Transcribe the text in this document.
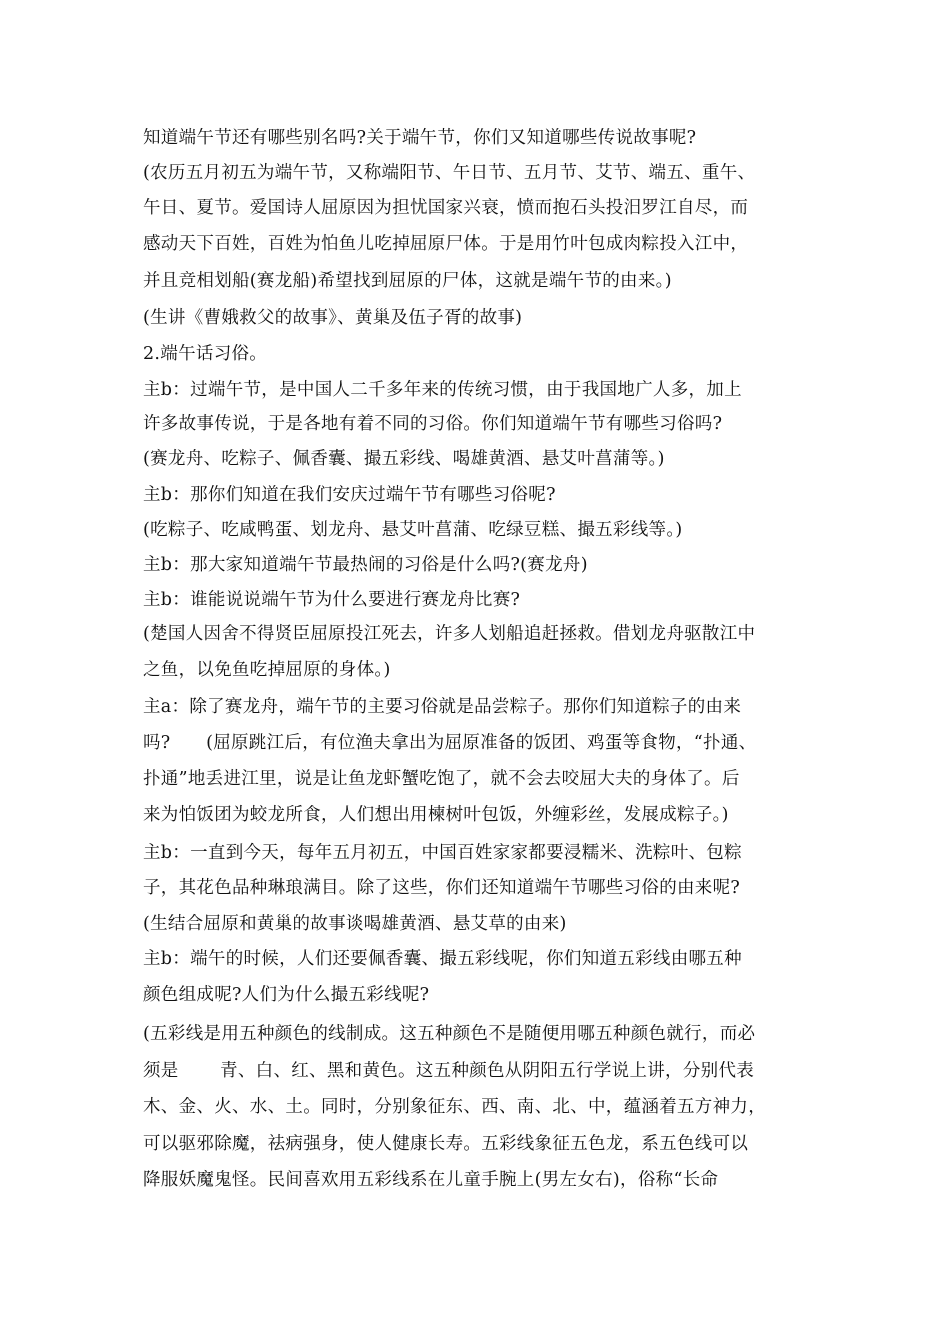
知道端午节还有哪些别名吗?关于端午节，你们又知道哪些传说故事呢?
(农历五月初五为端午节，又称端阳节、午日节、五月节、艾节、端五、重午、
午日、夏节。爱国诗人屈原因为担忧国家兴衰，愤而抱石头投汨罗江自尽，而
感动天下百姓，百姓为怕鱼儿吃掉屈原尸体。于是用竹叶包成肉粽投入江中，
并且竞相划船(赛龙船)希望找到屈原的尸体，这就是端午节的由来。)
(生讲《曹娥救父的故事》、黄巢及伍子胥的故事)
2.端午话习俗。
主b：过端午节，是中国人二千多年来的传统习惯，由于我国地广人多，加上
许多故事传说，于是各地有着不同的习俗。你们知道端午节有哪些习俗吗?
(赛龙舟、吃粽子、佩香囊、撮五彩线、喝雄黄酒、悬艾叶菖蒲等。)
主b：那你们知道在我们安庆过端午节有哪些习俗呢?
(吃粽子、吃咸鸭蛋、划龙舟、悬艾叶菖蒲、吃绿豆糕、撮五彩线等。)
主b：那大家知道端午节最热闹的习俗是什么吗?(赛龙舟)
主b：谁能说说端午节为什么要进行赛龙舟比赛?
(楚国人因舍不得贤臣屈原投江死去，许多人划船追赶拯救。借划龙舟驱散江中
之鱼，以免鱼吃掉屈原的身体。)
主a：除了赛龙舟，端午节的主要习俗就是品尝粽子。那你们知道粽子的由来
吗?　　(屈原跳江后，有位渔夫拿出为屈原准备的饭团、鸡蛋等食物，“扑通、
扑通”地丢进江里，说是让鱼龙虾蟹吃饱了，就不会去咬屈大夫的身体了。后
来为怕饭团为蛟龙所食，人们想出用楝树叶包饭，外缠彩丝，发展成粽子。)
主b：一直到今天，每年五月初五，中国百姓家家都要浸糯米、洗粽叶、包粽
子，其花色品种琳琅满目。除了这些，你们还知道端午节哪些习俗的由来呢?
(生结合屈原和黄巢的故事谈喝雄黄酒、悬艾草的由来)
主b：端午的时候，人们还要佩香囊、撮五彩线呢，你们知道五彩线由哪五种
颜色组成呢?人们为什么撮五彩线呢?
(五彩线是用五种颜色的线制成。这五种颜色不是随便用哪五种颜色就行，而必
须是　　 青、白、红、黑和黄色。这五种颜色从阴阳五行学说上讲，分别代表
木、金、火、水、土。同时，分别象征东、西、南、北、中，蕴涵着五方神力，
可以驱邪除魔，祛病强身，使人健康长寿。五彩线象征五色龙，系五色线可以
降服妖魔鬼怪。民间喜欢用五彩线系在儿童手腕上(男左女右)，俗称“长命
